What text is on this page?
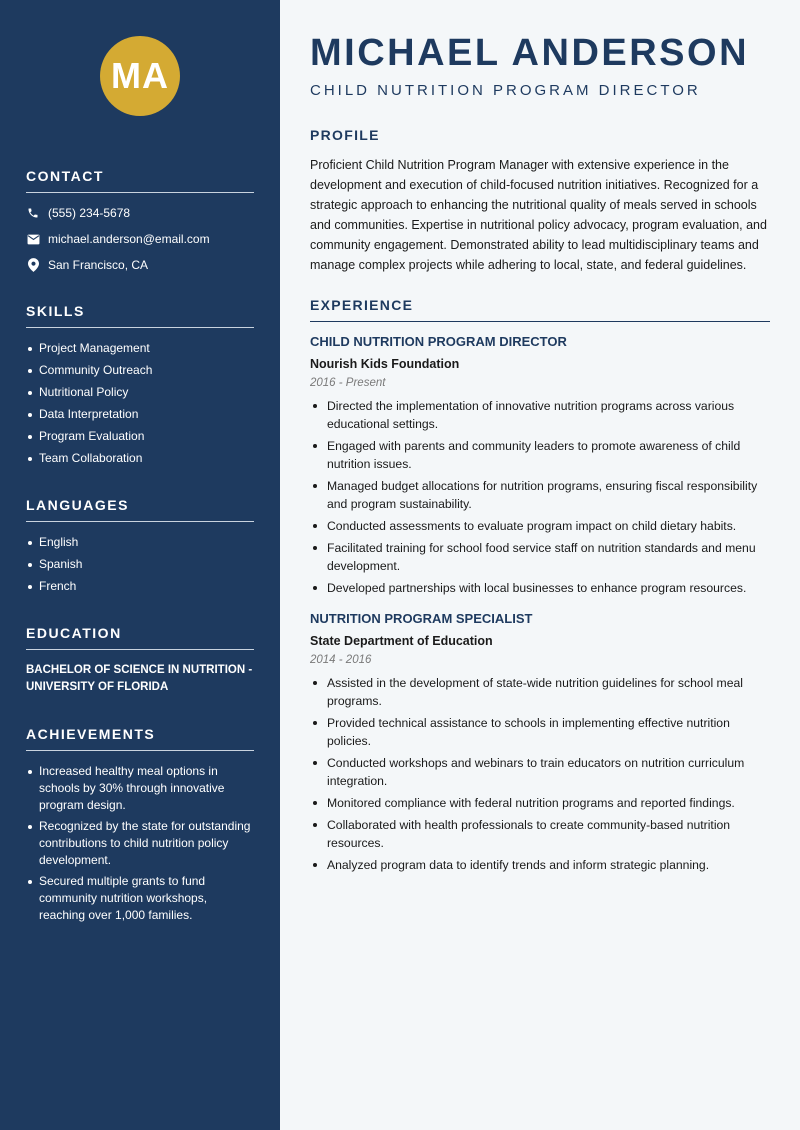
MA
CONTACT
(555) 234-5678
michael.anderson@email.com
San Francisco, CA
SKILLS
Project Management
Community Outreach
Nutritional Policy
Data Interpretation
Program Evaluation
Team Collaboration
LANGUAGES
English
Spanish
French
EDUCATION
BACHELOR OF SCIENCE IN NUTRITION - UNIVERSITY OF FLORIDA
ACHIEVEMENTS
Increased healthy meal options in schools by 30% through innovative program design.
Recognized by the state for outstanding contributions to child nutrition policy development.
Secured multiple grants to fund community nutrition workshops, reaching over 1,000 families.
MICHAEL ANDERSON
CHILD NUTRITION PROGRAM DIRECTOR
PROFILE

Proficient Child Nutrition Program Manager with extensive experience in the development and execution of child-focused nutrition initiatives. Recognized for a strategic approach to enhancing the nutritional quality of meals served in schools and communities. Expertise in nutritional policy advocacy, program evaluation, and community engagement. Demonstrated ability to lead multidisciplinary teams and manage complex projects while adhering to local, state, and federal guidelines.

EXPERIENCE
CHILD NUTRITION PROGRAM DIRECTOR
Nourish Kids Foundation
2016 - Present
Directed the implementation of innovative nutrition programs across various educational settings.
Engaged with parents and community leaders to promote awareness of child nutrition issues.
Managed budget allocations for nutrition programs, ensuring fiscal responsibility and program sustainability.
Conducted assessments to evaluate program impact on child dietary habits.
Facilitated training for school food service staff on nutrition standards and menu development.
Developed partnerships with local businesses to enhance program resources.
NUTRITION PROGRAM SPECIALIST
State Department of Education
2014 - 2016
Assisted in the development of state-wide nutrition guidelines for school meal programs.
Provided technical assistance to schools in implementing effective nutrition policies.
Conducted workshops and webinars to train educators on nutrition curriculum integration.
Monitored compliance with federal nutrition programs and reported findings.
Collaborated with health professionals to create community-based nutrition resources.
Analyzed program data to identify trends and inform strategic planning.
